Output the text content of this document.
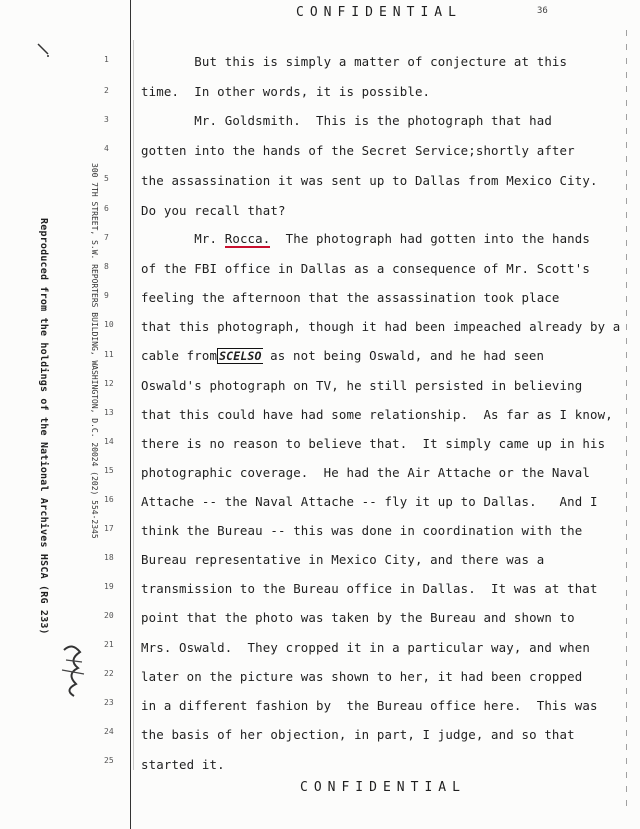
CONFIDENTIAL	36
Reproduced from the holdings of the National Archives HSCA (RG 233)	300 7TH STREET, S.W. REPORTERS BUILDING, WASHINGTON, D.C. 20024 (202) 554-2345
1
2
3
4
5
6
7
8
9
10
11
12
13
14
15
16
17
18
19
20
21
22
23
24
25
But this is simply a matter of conjecture at this
time.  In other words, it is possible.
Mr. Goldsmith.  This is the photograph that had
gotten into the hands of the Secret Service;shortly after
the assassination it was sent up to Dallas from Mexico City.
Do you recall that?
Mr. Rocca.  The photograph had gotten into the hands
of the FBI office in Dallas as a consequence of Mr. Scott's
feeling the afternoon that the assassination took place
that this photograph, though it had been impeached already by a
cable from SCELSO as not being Oswald, and he had seen
Oswald's photograph on TV, he still persisted in believing
that this could have had some relationship.  As far as I know,
there is no reason to believe that.  It simply came up in his
photographic coverage.  He had the Air Attache or the Naval
Attache -- the Naval Attache -- fly it up to Dallas.   And I
think the Bureau -- this was done in coordination with the
Bureau representative in Mexico City, and there was a
transmission to the Bureau office in Dallas.  It was at that
point that the photo was taken by the Bureau and shown to
Mrs. Oswald.  They cropped it in a particular way, and when
later on the picture was shown to her, it had been cropped
in a different fashion by  the Bureau office here.  This was
the basis of her objection, in part, I judge, and so that
started it.
CONFIDENTIAL
